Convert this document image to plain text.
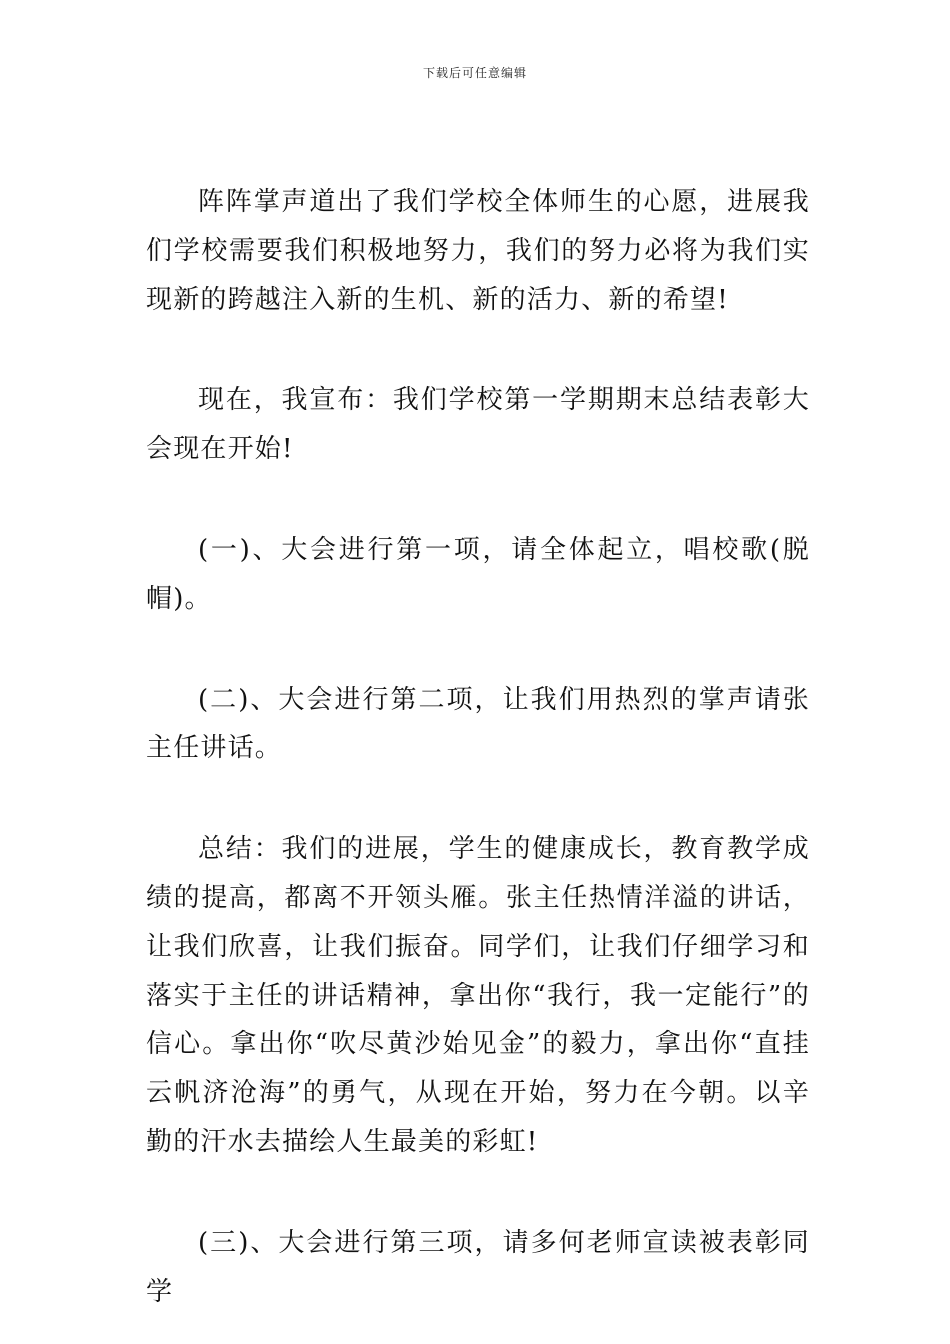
下载后可任意编辑

阵阵掌声道出了我们学校全体师生的心愿，进展我们学校需要我们积极地努力，我们的努力必将为我们实现新的跨越注入新的生机、新的活力、新的希望!

现在，我宣布：我们学校第一学期期末总结表彰大会现在开始!

(一)、大会进行第一项，请全体起立，唱校歌(脱帽)。

(二)、大会进行第二项，让我们用热烈的掌声请张主任讲话。

总结：我们的进展，学生的健康成长，教育教学成绩的提高，都离不开领头雁。张主任热情洋溢的讲话，让我们欣喜，让我们振奋。同学们，让我们仔细学习和落实于主任的讲话精神，拿出你“我行，我一定能行”的信心。拿出你“吹尽黄沙始见金”的毅力，拿出你“直挂云帆济沧海”的勇气，从现在开始，努力在今朝。以辛勤的汗水去描绘人生最美的彩虹!

(三)、大会进行第三项，请多何老师宣读被表彰同学
